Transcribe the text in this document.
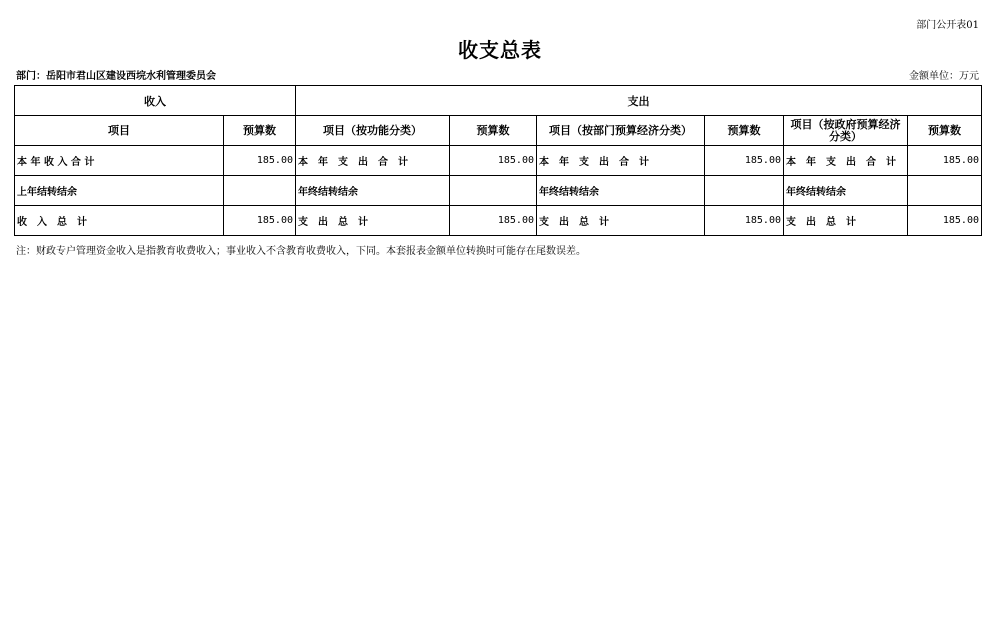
部门公开表01
收支总表
部门：岳阳市君山区建设西垸水利管理委员会	金额单位：万元
收入		支出					
项目	预算数	项目（按功能分类）	预算数	项目（按部门预算经济分类）	预算数	项目（按政府预算经济分类）	预算数
本 年 收 入 合 计	185.00	本　年　支　出　合　计	185.00	本　年　支　出　合　计	185.00	本　年　支　出　合　计	185.00
上年结转结余		年终结转结余		年终结转结余		年终结转结余	
收　入　总　计	185.00	支　出　总　计	185.00	支　出　总　计	185.00	支　出　总　计	185.00
注：财政专户管理资金收入是指教育收费收入；事业收入不含教育收费收入，下同。本套报表金额单位转换时可能存在尾数误差。
